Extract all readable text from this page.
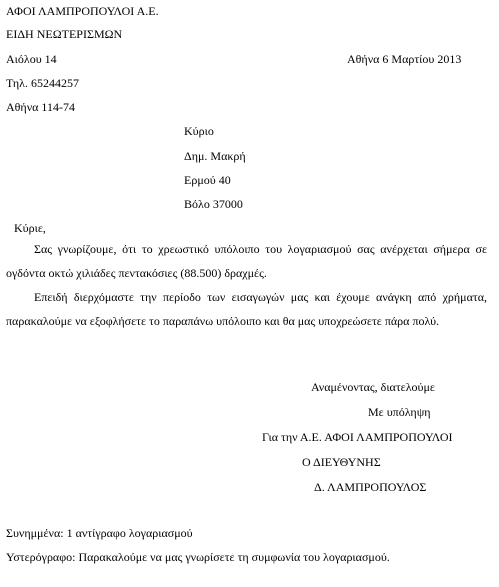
ΑΦΟΙ ΛΑΜΠΡΟΠΟΥΛΟΙ Α.Ε.
ΕΙΔΗ ΝΕΩΤΕΡΙΣΜΩΝ
Αιόλου 14	Αθήνα 6 Μαρτίου 2013
Τηλ. 65244257
Αθήνα 114-74
Κύριο
Δημ. Μακρή
Ερμού 40
Βόλο 37000
Κύριε,
Σας γνωρίζουμε, ότι το χρεωστικό υπόλοιπο του λογαριασμού σας ανέρχεται σήμερα σε ογδόντα οκτώ χιλιάδες πεντακόσιες (88.500) δραχμές.
Επειδή διερχόμαστε την περίοδο των εισαγωγών μας και έχουμε ανάγκη από χρήματα, παρακαλούμε να εξοφλήσετε το παραπάνω υπόλοιπο και θα μας υποχρεώσετε πάρα πολύ.
Αναμένοντας, διατελούμε
Με υπόληψη
Για την Α.Ε. ΑΦΟΙ ΛΑΜΠΡΟΠΟΥΛΟΙ
Ο ΔΙΕΥΘΥΝΗΣ
Δ. ΛΑΜΠΡΟΠΟΥΛΟΣ
Συνημμένα: 1 αντίγραφο λογαριασμού
Υστερόγραφο: Παρακαλούμε να μας γνωρίσετε τη συμφωνία του λογαριασμού.
